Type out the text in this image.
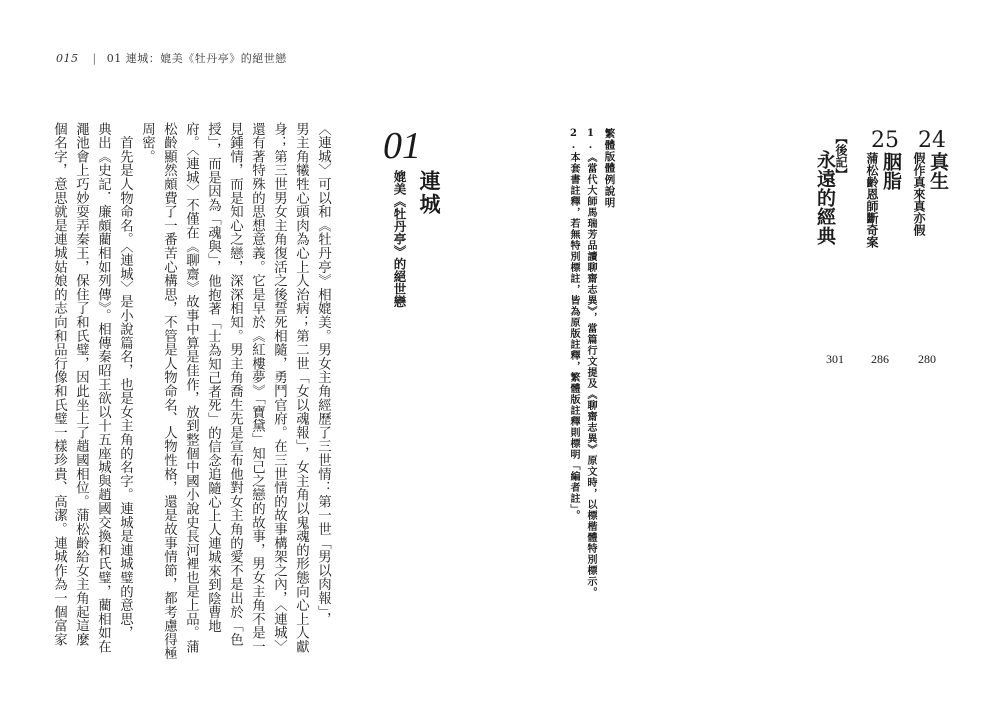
015 | 01 連城：媲美《牡丹亭》的絕世戀
24
真生
假作真來真亦假
280
25
胭脂
蒲松齡恩師斷奇案
286
【後記】
永遠的經典
301
繁體版體例說明
1.《當代大師馬瑞芳品讀聊齋志異》，當篇行文提及《聊齋志異》原文時，以標楷體特別標示。
2.本套書註釋，若無特別標註，皆為原版註釋，繁體版註釋則標明「編者註」。
01
連城
媲美《牡丹亭》的絕世戀
〈連城〉可以和《牡丹亭》相媲美。男女主角經歷了三世情：第一世「男以肉報」，
男主角犧牲心頭肉為心上人治病；第二世「女以魂報」，女主角以鬼魂的形態向心上人獻
身；第三世男女主角復活之後誓死相隨，勇鬥官府。在三世情的故事構架之內，〈連城〉
還有著特殊的思想意義。它是早於《紅樓夢》「寶黛」知己之戀的故事，男女主角不是一
見鍾情，而是知心之戀，深深相知。男主角喬生先是宣布他對女主角的愛不是出於「色
授」，而是因為「魂與」，他抱著「士為知己者死」的信念追隨心上人連城來到陰曹地
府。〈連城〉不僅在《聊齋》故事中算是佳作，放到整個中國小說史長河裡也是上品。蒲
松齡顯然頗費了一番苦心構思，不管是人物命名、人物性格，還是故事情節，都考慮得極
周密。
　首先是人物命名。〈連城〉是小說篇名，也是女主角的名字。連城是連城璧的意思，
典出《史記．廉頗藺相如列傳》。相傳秦昭王欲以十五座城與趙國交換和氏璧，藺相如在
澠池會上巧妙耍弄秦王，保住了和氏璧，因此坐上了趙國相位。蒲松齡給女主角起這麼
個名字，意思就是連城姑娘的志向和品行像和氏璧一樣珍貴、高潔。連城作為一個富家
